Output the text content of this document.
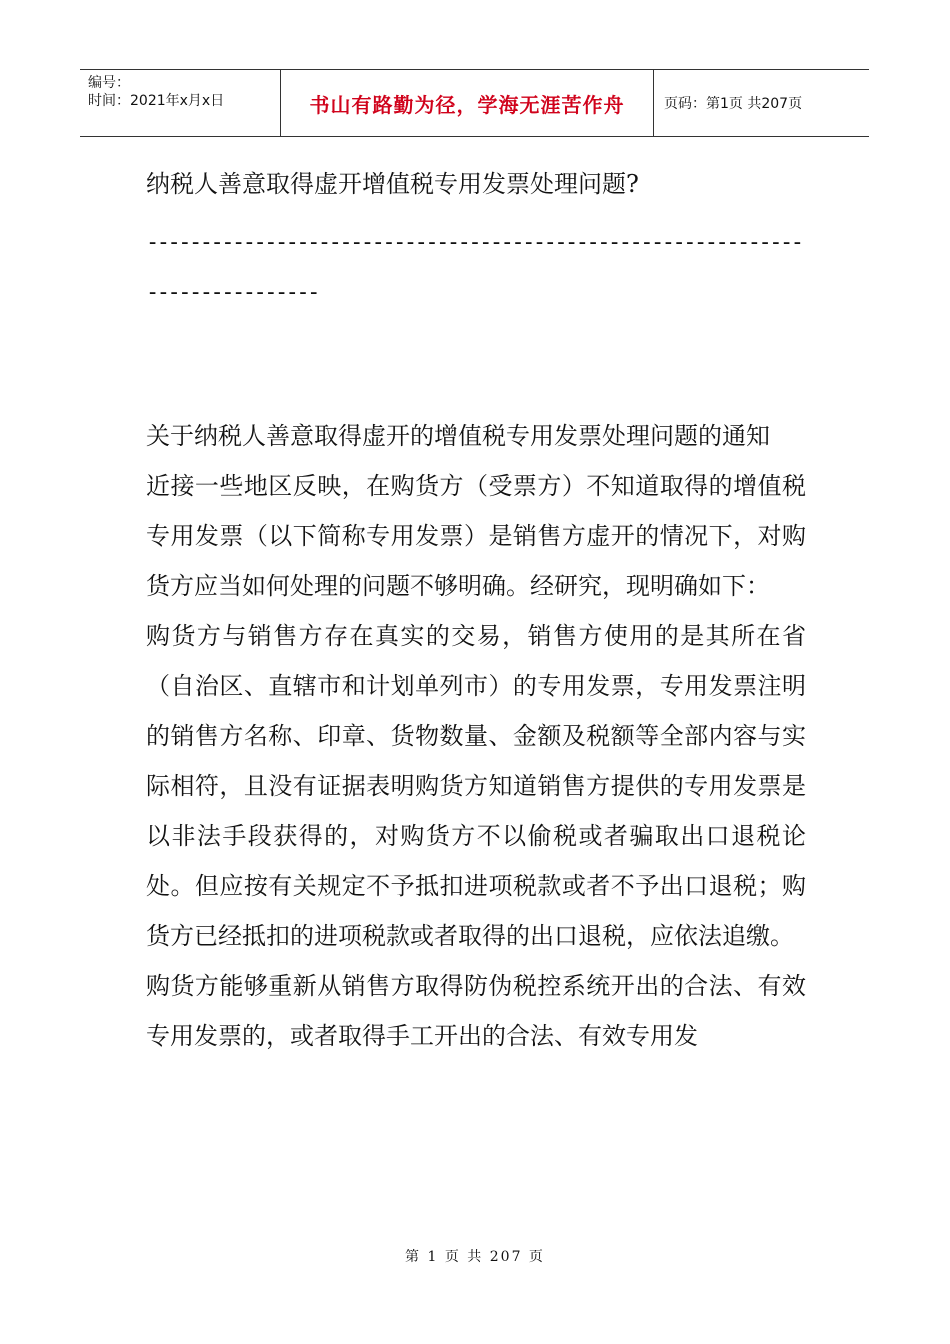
编号：
时间：2021年x月x日	书山有路勤为径，学海无涯苦作舟	页码：第1页 共207页
纳税人善意取得虚开增值税专用发票处理问题?
-----------------------------------------------------------------------------

关于纳税人善意取得虚开的增值税专用发票处理问题的通知

近接一些地区反映，在购货方（受票方）不知道取得的增值税专用发票（以下简称专用发票）是销售方虚开的情况下，对购货方应当如何处理的问题不够明确。经研究，现明确如下：

购货方与销售方存在真实的交易，销售方使用的是其所在省（自治区、直辖市和计划单列市）的专用发票，专用发票注明的销售方名称、印章、货物数量、金额及税额等全部内容与实际相符，且没有证据表明购货方知道销售方提供的专用发票是以非法手段获得的，对购货方不以偷税或者骗取出口退税论处。但应按有关规定不予抵扣进项税款或者不予出口退税；购货方已经抵扣的进项税款或者取得的出口退税，应依法追缴。

购货方能够重新从销售方取得防伪税控系统开出的合法、有效专用发票的，或者取得手工开出的合法、有效专用发

第 1 页 共 207 页
